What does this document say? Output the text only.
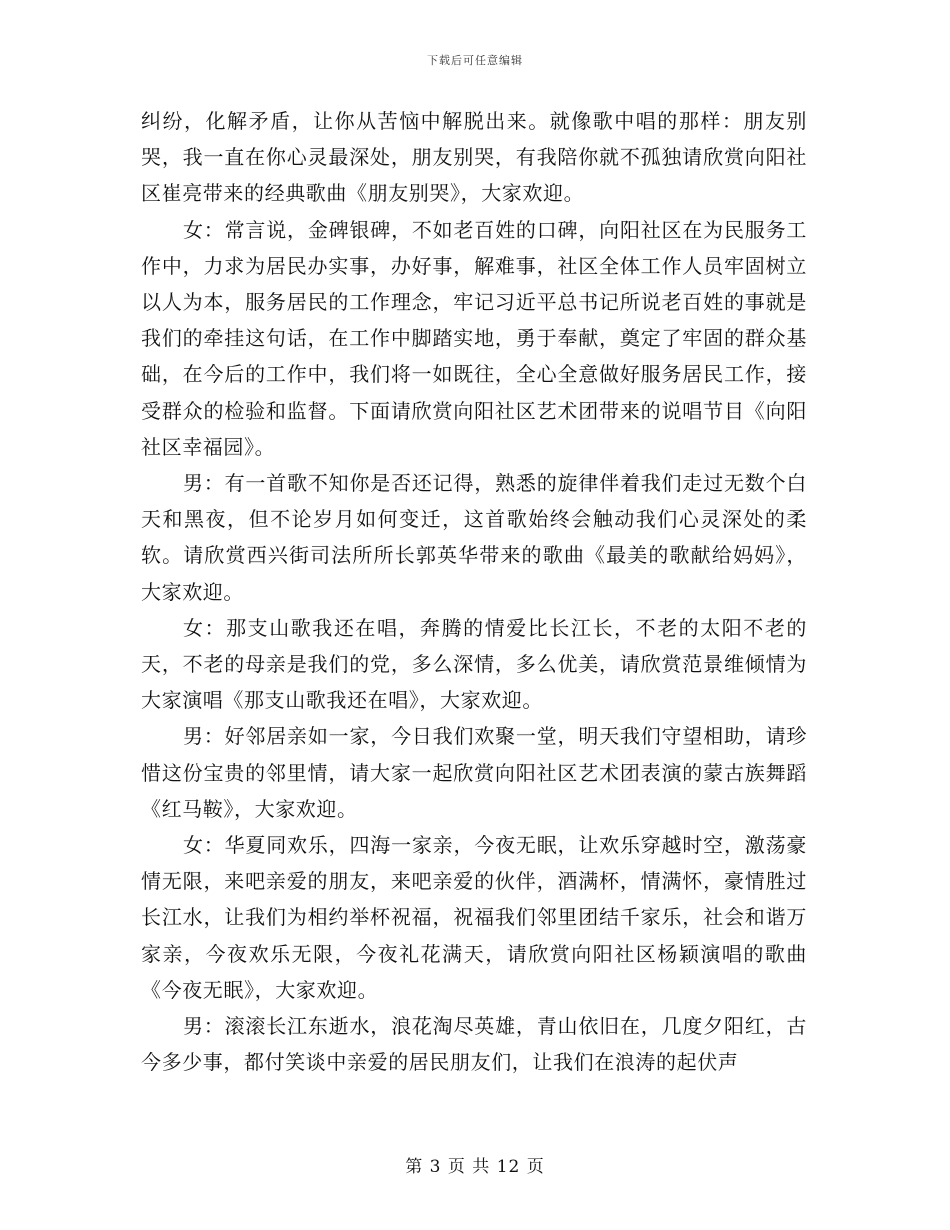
下载后可任意编辑

纠纷，化解矛盾，让你从苦恼中解脱出来。就像歌中唱的那样：朋友别哭，我一直在你心灵最深处，朋友别哭，有我陪你就不孤独请欣赏向阳社区崔亮带来的经典歌曲《朋友别哭》，大家欢迎。

女：常言说，金碑银碑，不如老百姓的口碑，向阳社区在为民服务工作中，力求为居民办实事，办好事，解难事，社区全体工作人员牢固树立以人为本，服务居民的工作理念，牢记习近平总书记所说老百姓的事就是我们的牵挂这句话，在工作中脚踏实地，勇于奉献，奠定了牢固的群众基础，在今后的工作中，我们将一如既往，全心全意做好服务居民工作，接受群众的检验和监督。下面请欣赏向阳社区艺术团带来的说唱节目《向阳社区幸福园》。

男：有一首歌不知你是否还记得，熟悉的旋律伴着我们走过无数个白天和黑夜，但不论岁月如何变迁，这首歌始终会触动我们心灵深处的柔软。请欣赏西兴街司法所所长郭英华带来的歌曲《最美的歌献给妈妈》，大家欢迎。

女：那支山歌我还在唱，奔腾的情爱比长江长，不老的太阳不老的天，不老的母亲是我们的党，多么深情，多么优美，请欣赏范景维倾情为大家演唱《那支山歌我还在唱》，大家欢迎。

男：好邻居亲如一家，今日我们欢聚一堂，明天我们守望相助，请珍惜这份宝贵的邻里情，请大家一起欣赏向阳社区艺术团表演的蒙古族舞蹈《红马鞍》，大家欢迎。

女：华夏同欢乐，四海一家亲，今夜无眠，让欢乐穿越时空，激荡豪情无限，来吧亲爱的朋友，来吧亲爱的伙伴，酒满杯，情满怀，豪情胜过长江水，让我们为相约举杯祝福，祝福我们邻里团结千家乐，社会和谐万家亲，今夜欢乐无限，今夜礼花满天，请欣赏向阳社区杨颖演唱的歌曲《今夜无眠》，大家欢迎。

男：滚滚长江东逝水，浪花淘尽英雄，青山依旧在，几度夕阳红，古今多少事，都付笑谈中亲爱的居民朋友们，让我们在浪涛的起伏声

第 3 页 共 12 页
